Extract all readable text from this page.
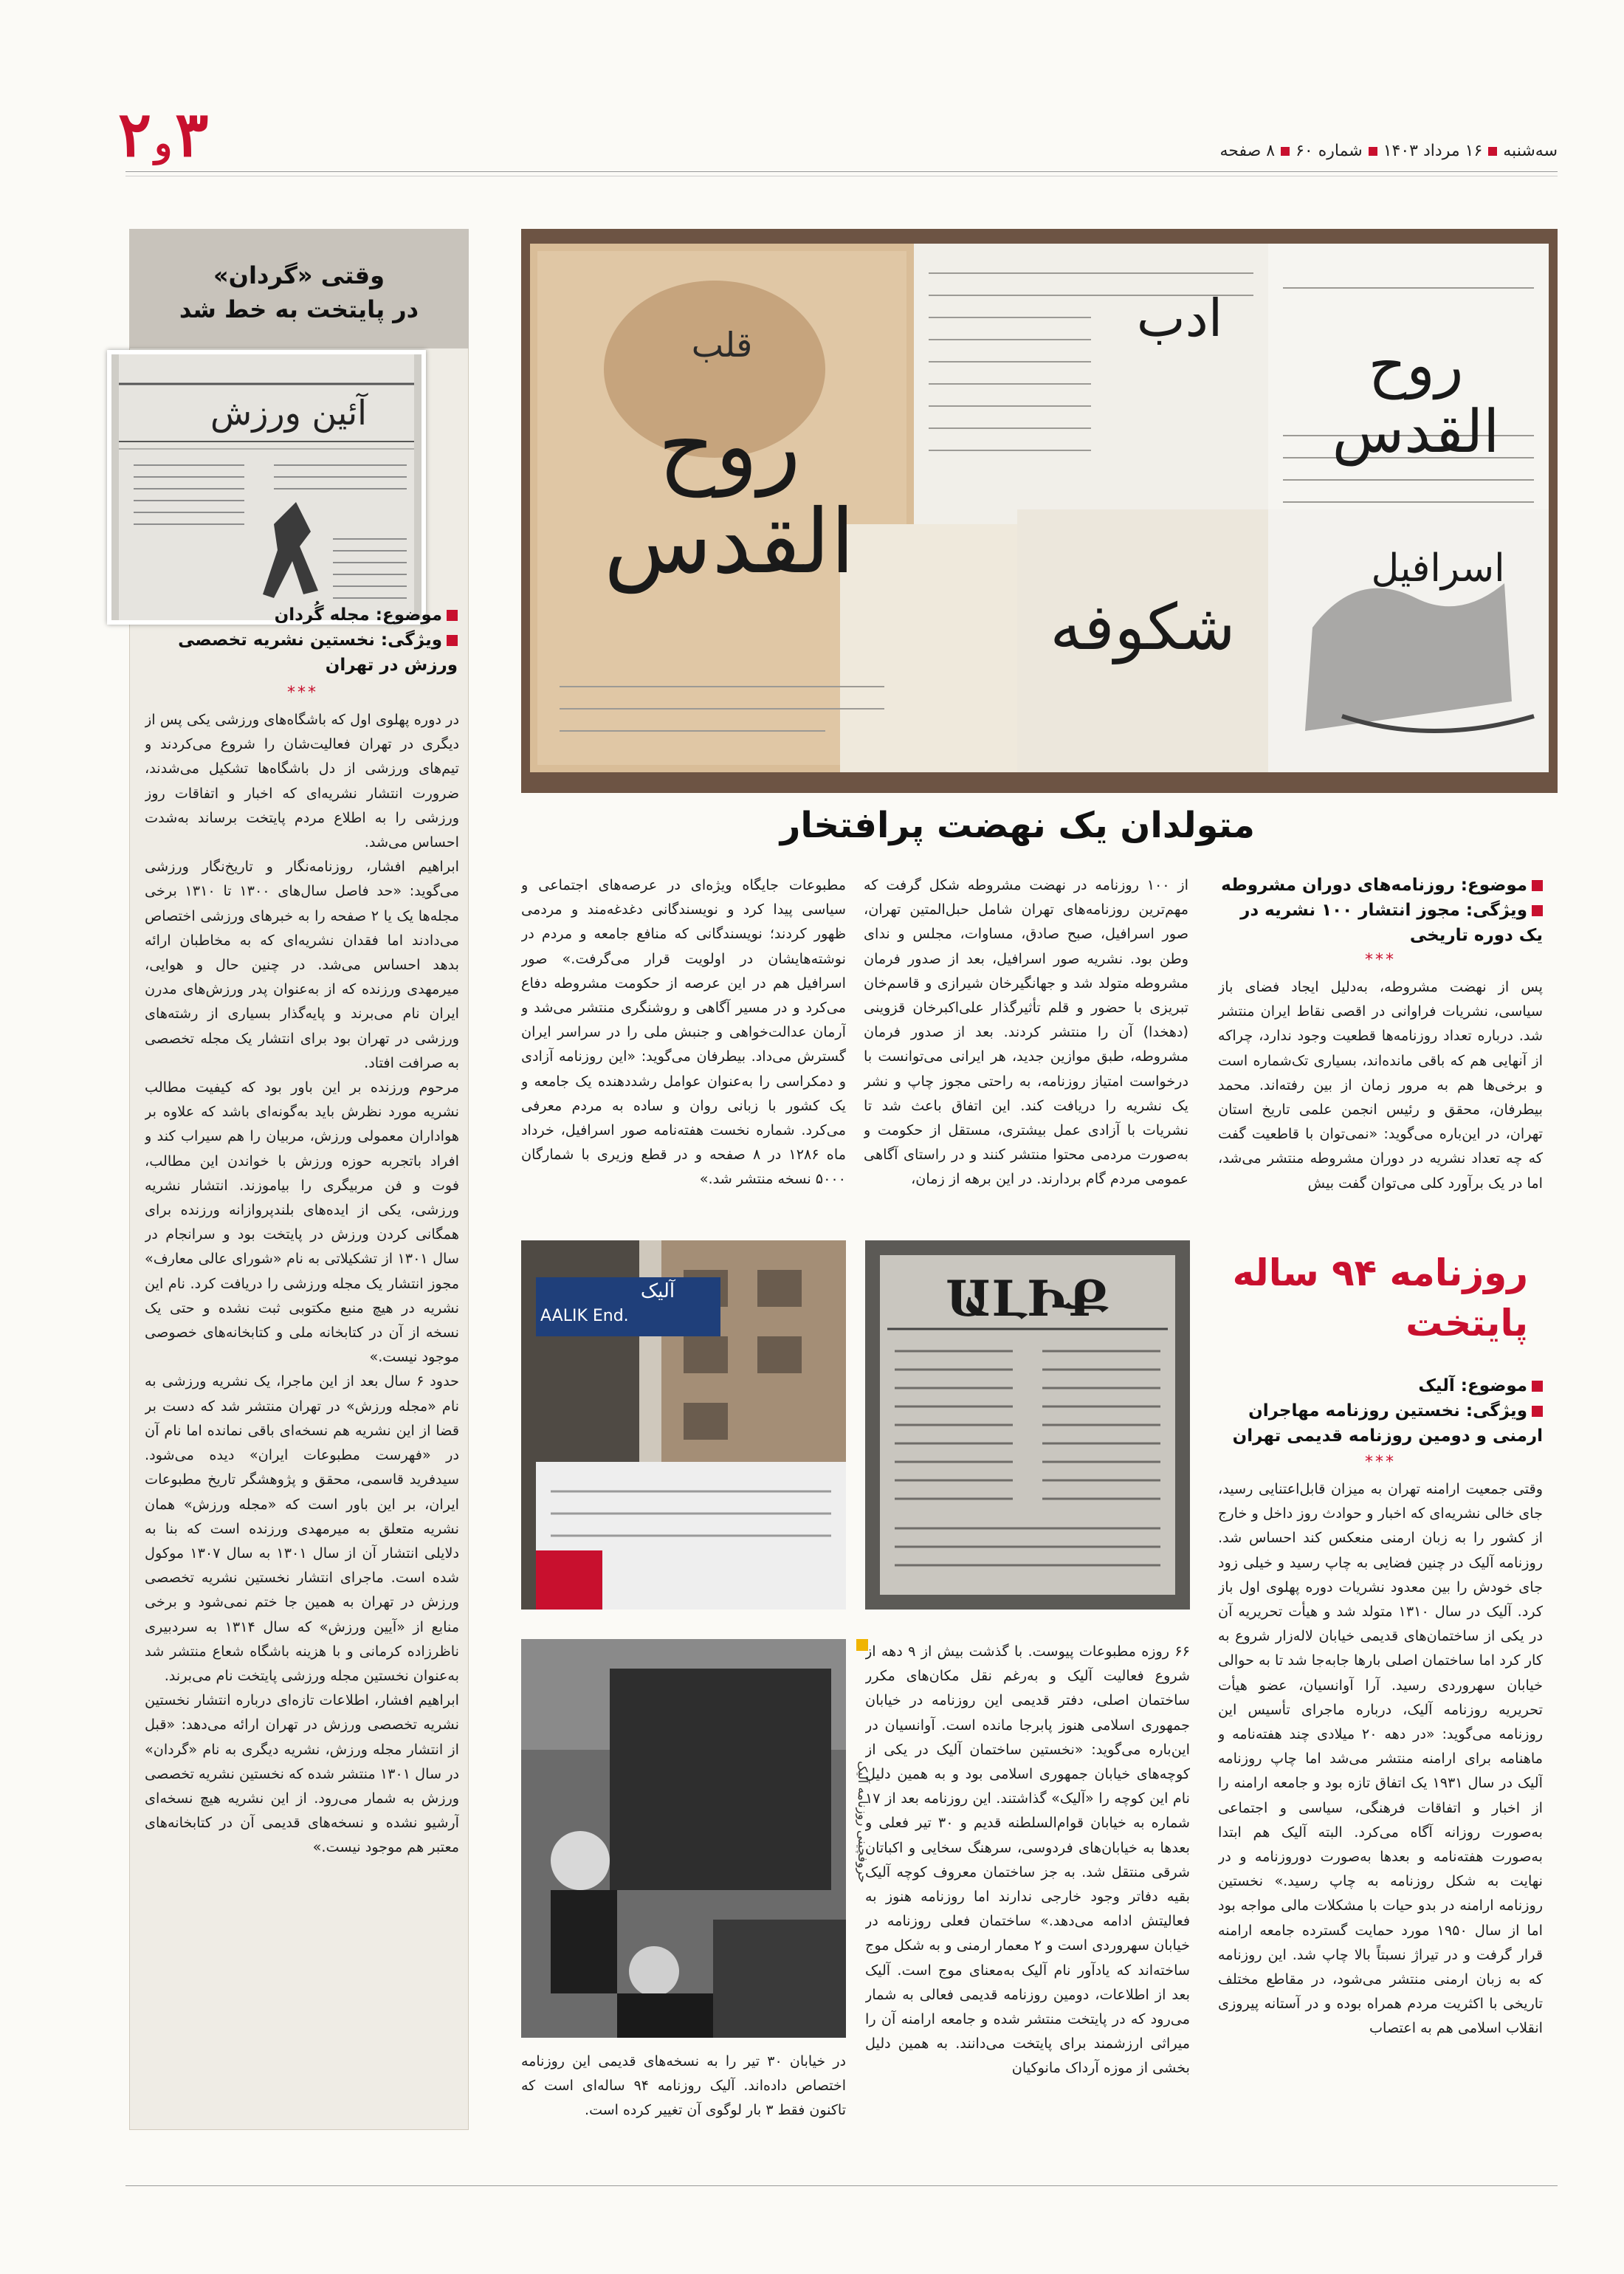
۳و۲	سه‌شنبه۱۶ مرداد ۱۴۰۳شماره ۶۰۸ صفحه
وقتی «گردان»
در پایتخت به خط شد
آئین ورزش
موضوع: مجله گُردان
ویژگی: نخستین نشریه تخصصی ورزش در تهران
***

در دوره پهلوی اول که باشگاه‌های ورزشی یکی پس از دیگری در تهران فعالیت‌شان را شروع می‌کردند و تیم‌های ورزشی از دل باشگاه‌ها تشکیل می‌شدند، ضرورت انتشار نشریه‌ای که اخبار و اتفاقات روز ورزشی را به اطلاع مردم پایتخت برساند به‌شدت احساس می‌شد.

ابراهیم افشار، روزنامه‌نگار و تاریخ‌نگار ورزشی می‌گوید: «حد فاصل سال‌های ۱۳۰۰ تا ۱۳۱۰ برخی مجله‌ها یک یا ۲ صفحه را به خبرهای ورزشی اختصاص می‌دادند اما فقدان نشریه‌ای که به مخاطبان ارائه بدهد احساس می‌شد. در چنین حال و هوایی، میرمهدی ورزنده که از به‌عنوان پدر ورزش‌های مدرن ایران نام می‌برند و پایه‌گذار بسیاری از رشته‌های ورزشی در تهران بود برای انتشار یک مجله تخصصی به صرافت افتاد.

مرحوم ورزنده بر این باور بود که کیفیت مطالب نشریه مورد نظرش باید به‌گونه‌ای باشد که علاوه بر هواداران معمولی ورزش، مربیان را هم سیراب کند و افراد باتجربه حوزه ورزش با خواندن این مطالب، فوت و فن مربیگری را بیاموزند. انتشار نشریه ورزشی، یکی از ایده‌های بلندپروازانه ورزنده برای همگانی کردن ورزش در پایتخت بود و سرانجام در سال ۱۳۰۱ از تشکیلاتی به نام «شورای عالی معارف» مجوز انتشار یک مجله ورزشی را دریافت کرد. نام این نشریه در هیچ منبع مکتوبی ثبت نشده و حتی یک نسخه از آن در کتابخانه ملی و کتابخانه‌های خصوصی موجود نیست.»

حدود ۶ سال بعد از این ماجرا، یک نشریه ورزشی به نام «مجله ورزش» در تهران منتشر شد که دست بر قضا از این نشریه هم نسخه‌ای باقی نمانده اما نام آن در «فهرست مطبوعات ایران» دیده می‌شود. سیدفرید قاسمی، محقق و پژوهشگر تاریخ مطبوعات ایران، بر این باور است که «مجله ورزش» همان نشریه متعلق به میرمهدی ورزنده است که بنا به دلایلی انتشار آن از سال ۱۳۰۱ به سال ۱۳۰۷ موکول شده است. ماجرای انتشار نخستین نشریه تخصصی ورزش در تهران به همین جا ختم نمی‌شود و برخی منابع از «آیین ورزش» که سال ۱۳۱۴ به سردبیری ناظرزاده کرمانی و با هزینه باشگاه شعاع منتشر شد به‌عنوان نخستین مجله ورزشی پایتخت نام می‌برند.

ابراهیم افشار، اطلاعات تازه‌ای درباره انتشار نخستین نشریه تخصصی ورزش در تهران ارائه می‌دهد: «قبل از انتشار مجله ورزش، نشریه دیگری به نام «گردان» در سال ۱۳۰۱ منتشر شده که نخستین نشریه تخصصی ورزش به شمار می‌رود. از این نشریه هیچ نسخه‌ای آرشیو نشده و نسخه‌های قدیمی آن در کتابخانه‌های معتبر هم موجود نیست.»

روح القدس
روح القدس
شکوفه
اسرافیل
ادب
قلب
متولدان یک نهضت پرافتخار
موضوع: روزنامه‌های دوران مشروطه
ویژگی: مجوز انتشار ۱۰۰ نشریه در یک دوره تاریخی
***
پس از نهضت مشروطه، به‌دلیل ایجاد فضای باز سیاسی، نشریات فراوانی در اقصی نقاط ایران منتشر شد. درباره تعداد روزنامه‌ها قطعیت وجود ندارد، چراکه از آنهایی هم که باقی مانده‌اند، بسیاری تک‌شماره است و برخی‌ها هم به مرور زمان از بین رفته‌اند. محمد بیطرفان، محقق و رئیس انجمن علمی تاریخ استان تهران، در این‌باره می‌گوید: «نمی‌توان با قاطعیت گفت که چه تعداد نشریه در دوران مشروطه منتشر می‌شد، اما در یک برآورد کلی می‌توان گفت بیش
از ۱۰۰ روزنامه در نهضت مشروطه شکل گرفت که مهم‌ترین روزنامه‌های تهران شامل حبل‌المتین تهران، صور اسرافیل، صبح صادق، مساوات، مجلس و ندای وطن بود. نشریه صور اسرافیل، بعد از صدور فرمان مشروطه متولد شد و جهانگیرخان شیرازی و قاسم‌خان تبریزی با حضور و قلم تأثیرگذار علی‌اکبرخان قزوینی (دهخدا) آن را منتشر کردند. بعد از صدور فرمان مشروطه، طبق موازین جدید، هر ایرانی می‌توانست با درخواست امتیاز روزنامه، به راحتی مجوز چاپ و نشر یک نشریه را دریافت کند. این اتفاق باعث شد تا نشریات با آزادی عمل بیشتری، مستقل از حکومت و به‌صورت مردمی محتوا منتشر کنند و در راستای آگاهی عمومی مردم گام بردارند. در این برهه از زمان،
مطبوعات جایگاه ویژه‌ای در عرصه‌های اجتماعی و سیاسی پیدا کرد و نویسندگانی دغدغه‌مند و مردمی ظهور کردند؛ نویسندگانی که منافع جامعه و مردم در نوشته‌هایشان در اولویت قرار می‌گرفت.» صور اسرافیل هم در این عرصه از حکومت مشروطه دفاع می‌کرد و در مسیر آگاهی و روشنگری منتشر می‌شد و آرمان عدالت‌خواهی و جنبش ملی را در سراسر ایران گسترش می‌داد. بیطرفان می‌گوید: «این روزنامه آزادی و دمکراسی را به‌عنوان عوامل رشددهنده یک جامعه و یک کشور با زبانی روان و ساده به مردم معرفی می‌کرد. شماره نخست هفته‌نامه صور اسرافیل، خرداد ماه ۱۲۸۶ در ۸ صفحه و در قطع وزیری با شمارگان ۵۰۰۰ نسخه منتشر شد.»
روزنامه ۹۴ ساله پایتخت
موضوع: آلیک
ویژگی: نخستین روزنامه مهاجران ارمنی و دومین روزنامه قدیمی تهران
***
وقتی جمعیت ارامنه تهران به میزان قابل‌اعتنایی رسید، جای خالی نشریه‌ای که اخبار و حوادث روز داخل و خارج از کشور را به زبان ارمنی منعکس کند احساس شد. روزنامه آلیک در چنین فضایی به چاپ رسید و خیلی زود جای خودش را بین معدود نشریات دوره پهلوی اول باز کرد. آلیک در سال ۱۳۱۰ متولد شد و هیأت تحریریه آن در یکی از ساختمان‌های قدیمی خیابان لاله‌زار شروع به کار کرد اما ساختمان اصلی بارها جابه‌جا شد تا به حوالی خیابان سهروردی رسید. آرا آوانسیان، عضو هیأت تحریریه روزنامه آلیک، درباره ماجرای تأسیس این روزنامه می‌گوید: «در دهه ۲۰ میلادی چند هفته‌نامه و ماهنامه برای ارامنه منتشر می‌شد اما چاپ روزنامه آلیک در سال ۱۹۳۱ یک اتفاق تازه بود و جامعه ارامنه را از اخبار و اتفاقات فرهنگی، سیاسی و اجتماعی به‌صورت روزانه آگاه می‌کرد. البته آلیک هم ابتدا به‌صورت هفته‌نامه و بعدها به‌صورت دوروزنامه و در نهایت به شکل روزنامه به چاپ رسید.» نخستین روزنامه ارامنه در بدو حیات با مشکلات مالی مواجه بود اما از سال ۱۹۵۰ مورد حمایت گسترده جامعه ارامنه قرار گرفت و در تیراژ نسبتاً بالا چاپ شد. این روزنامه که به زبان ارمنی منتشر می‌شود، در مقاطع مختلف تاریخی با اکثریت مردم همراه بوده و در آستانه پیروزی انقلاب اسلامی هم به اعتصاب
ԱԼԻՔ
آلیک
AALIK End.
حروفچینی روزنامه آلیک
در خیابان ۳۰ تیر را به نسخه‌های قدیمی این روزنامه اختصاص داده‌اند. آلیک روزنامه ۹۴ ساله‌ای است که تاکنون فقط ۳ بار لوگوی آن تغییر کرده است.
۶۶ روزه مطبوعات پیوست. با گذشت بیش از ۹ دهه از شروع فعالیت آلیک و به‌رغم نقل مکان‌های مکرر ساختمان اصلی، دفتر قدیمی این روزنامه در خیابان جمهوری اسلامی هنوز پابرجا مانده است. آوانسیان در این‌باره می‌گوید: «نخستین ساختمان آلیک در یکی از کوچه‌های خیابان جمهوری اسلامی بود و به همین دلیل نام این کوچه را «آلیک» گذاشتند. این روزنامه بعد از ۱۷ شماره به خیابان قوام‌السلطنه قدیم و ۳۰ تیر فعلی و بعدها به خیابان‌های فردوسی، سرهنگ سخایی و اکباتان شرقی منتقل شد. به جز ساختمان معروف کوچه آلیک بقیه دفاتر وجود خارجی ندارند اما روزنامه هنوز به فعالیتش ادامه می‌دهد.» ساختمان فعلی روزنامه در خیابان سهروردی است و ۲ معمار ارمنی و به شکل موج ساخته‌اند که یادآور نام آلیک به‌معنای موج است. آلیک بعد از اطلاعات، دومین روزنامه قدیمی فعالی به شمار می‌رود که در پایتخت منتشر شده و جامعه ارامنه آن را میراثی ارزشمند برای پایتخت می‌دانند. به همین دلیل بخشی از موزه آرداک مانوکیان
